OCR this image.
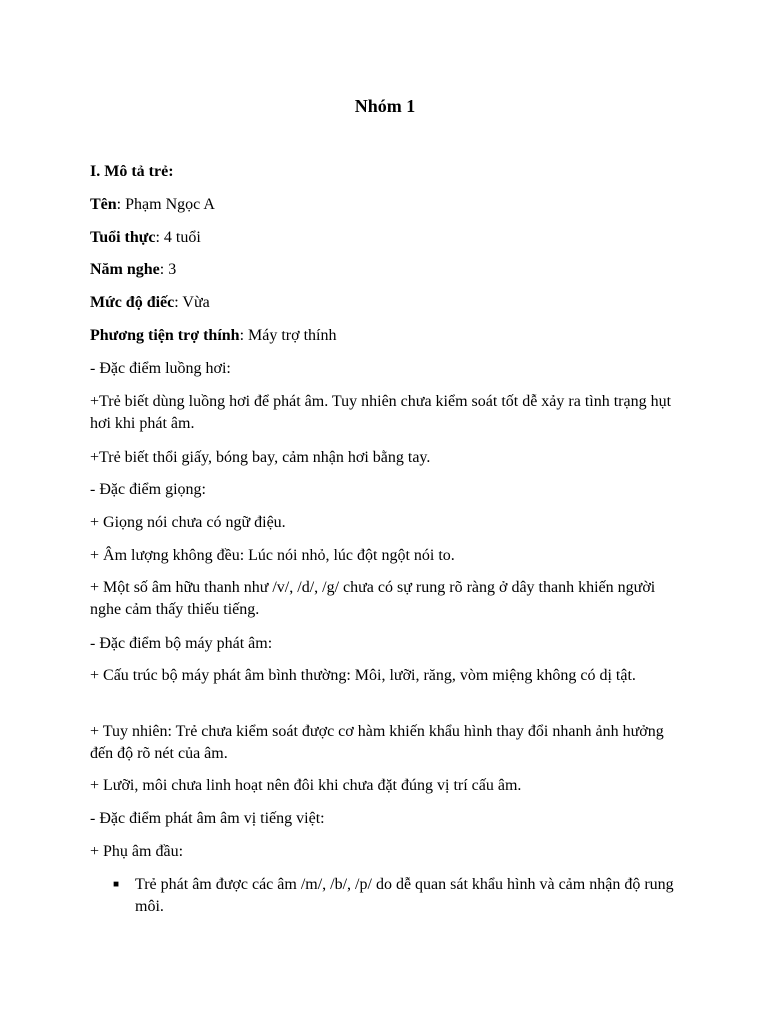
Nhóm 1

I. Mô tả trẻ:

Tên: Phạm Ngọc A

Tuổi thực: 4 tuổi

Năm nghe: 3

Mức độ điếc: Vừa

Phương tiện trợ thính: Máy trợ thính

- Đặc điểm luồng hơi:

+Trẻ biết dùng luồng hơi để phát âm. Tuy nhiên chưa kiểm soát tốt dễ xảy ra tình trạng hụt hơi khi phát âm.

+Trẻ biết thổi giấy, bóng bay, cảm nhận hơi bằng tay.

- Đặc điểm giọng:

+ Giọng nói chưa có ngữ điệu.

+ Âm lượng không đều: Lúc nói nhỏ, lúc đột ngột nói to.

+ Một số âm hữu thanh như /v/, /d/, /g/ chưa có sự rung rõ ràng ở dây thanh khiến người nghe cảm thấy thiếu tiếng.

- Đặc điểm bộ máy phát âm:

+ Cấu trúc bộ máy phát âm bình thường: Môi, lưỡi, răng, vòm miệng không có dị tật.

+ Tuy nhiên: Trẻ chưa kiểm soát được cơ hàm khiến khẩu hình thay đổi nhanh ảnh hưởng đến độ rõ nét của âm.

+ Lưỡi, môi chưa linh hoạt nên đôi khi chưa đặt đúng vị trí cấu âm.

- Đặc điểm phát âm âm vị tiếng việt:

+ Phụ âm đầu:

■ Trẻ phát âm được các âm /m/, /b/, /p/ do dễ quan sát khẩu hình và cảm nhận độ rung môi.
